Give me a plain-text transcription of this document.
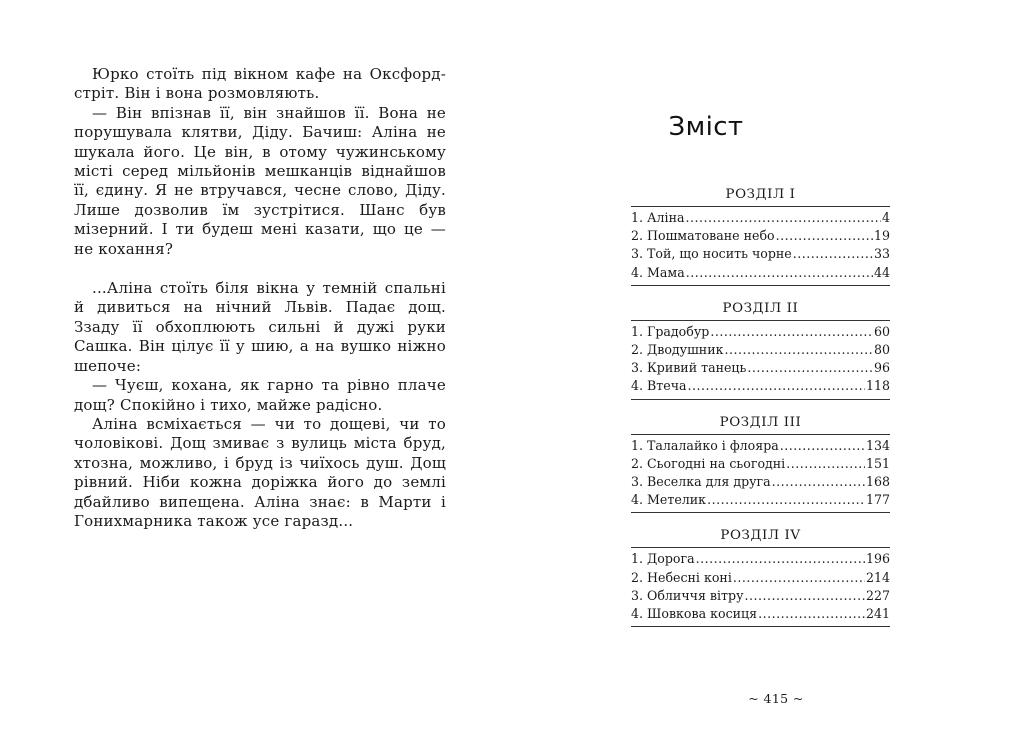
Юрко стоїть під вікном кафе на Оксфорд-стріт. Він і вона розмовляють.

— Він впізнав її, він знайшов її. Вона не порушувала клятви, Діду. Бачиш: Аліна не шукала його. Це він, в отому чужинському місті серед мільйонів мешканців віднайшов її, єдину. Я не втручався, чесне слово, Діду. Лише дозволив їм зустрітися. Шанс був мізерний. І ти будеш мені казати, що це — не кохання?

...Аліна стоїть біля вікна у темній спальні й дивиться на нічний Львів. Падає дощ. Ззаду її обхоплюють сильні й дужі руки Сашка. Він цілує її у шию, а на вушко ніжно шепоче:

— Чуєш, кохана, як гарно та рівно плаче дощ? Спокійно і тихо, майже радісно.

Аліна всміхається — чи то дощеві, чи то чоловікові. Дощ змиває з вулиць міста бруд, хтозна, можливо, і бруд із чиїхось душ. Дощ рівний. Ніби кожна доріжка його до землі дбайливо випещена. Аліна знає: в Марти і Гонихмарника також усе гаразд...

Зміст
РОЗДІЛ І
1. Аліна .....	4
2. Пошматоване небо .....	19
3. Той, що носить чорне .....	33
4. Мама .....	44
РОЗДІЛ ІІ
1. Градобур .....	60
2. Дводушник .....	80
3. Кривий танець .....	96
4. Втеча .....	118
РОЗДІЛ ІІІ
1. Талалайко і флояра .....	134
2. Сьогодні на сьогодні .....	151
3. Веселка для друга .....	168
4. Метелик .....	177
РОЗДІЛ IV
1. Дорога .....	196
2. Небесні коні .....	214
3. Обличчя вітру .....	227
4. Шовкова косиця .....	241
~ 415 ~
